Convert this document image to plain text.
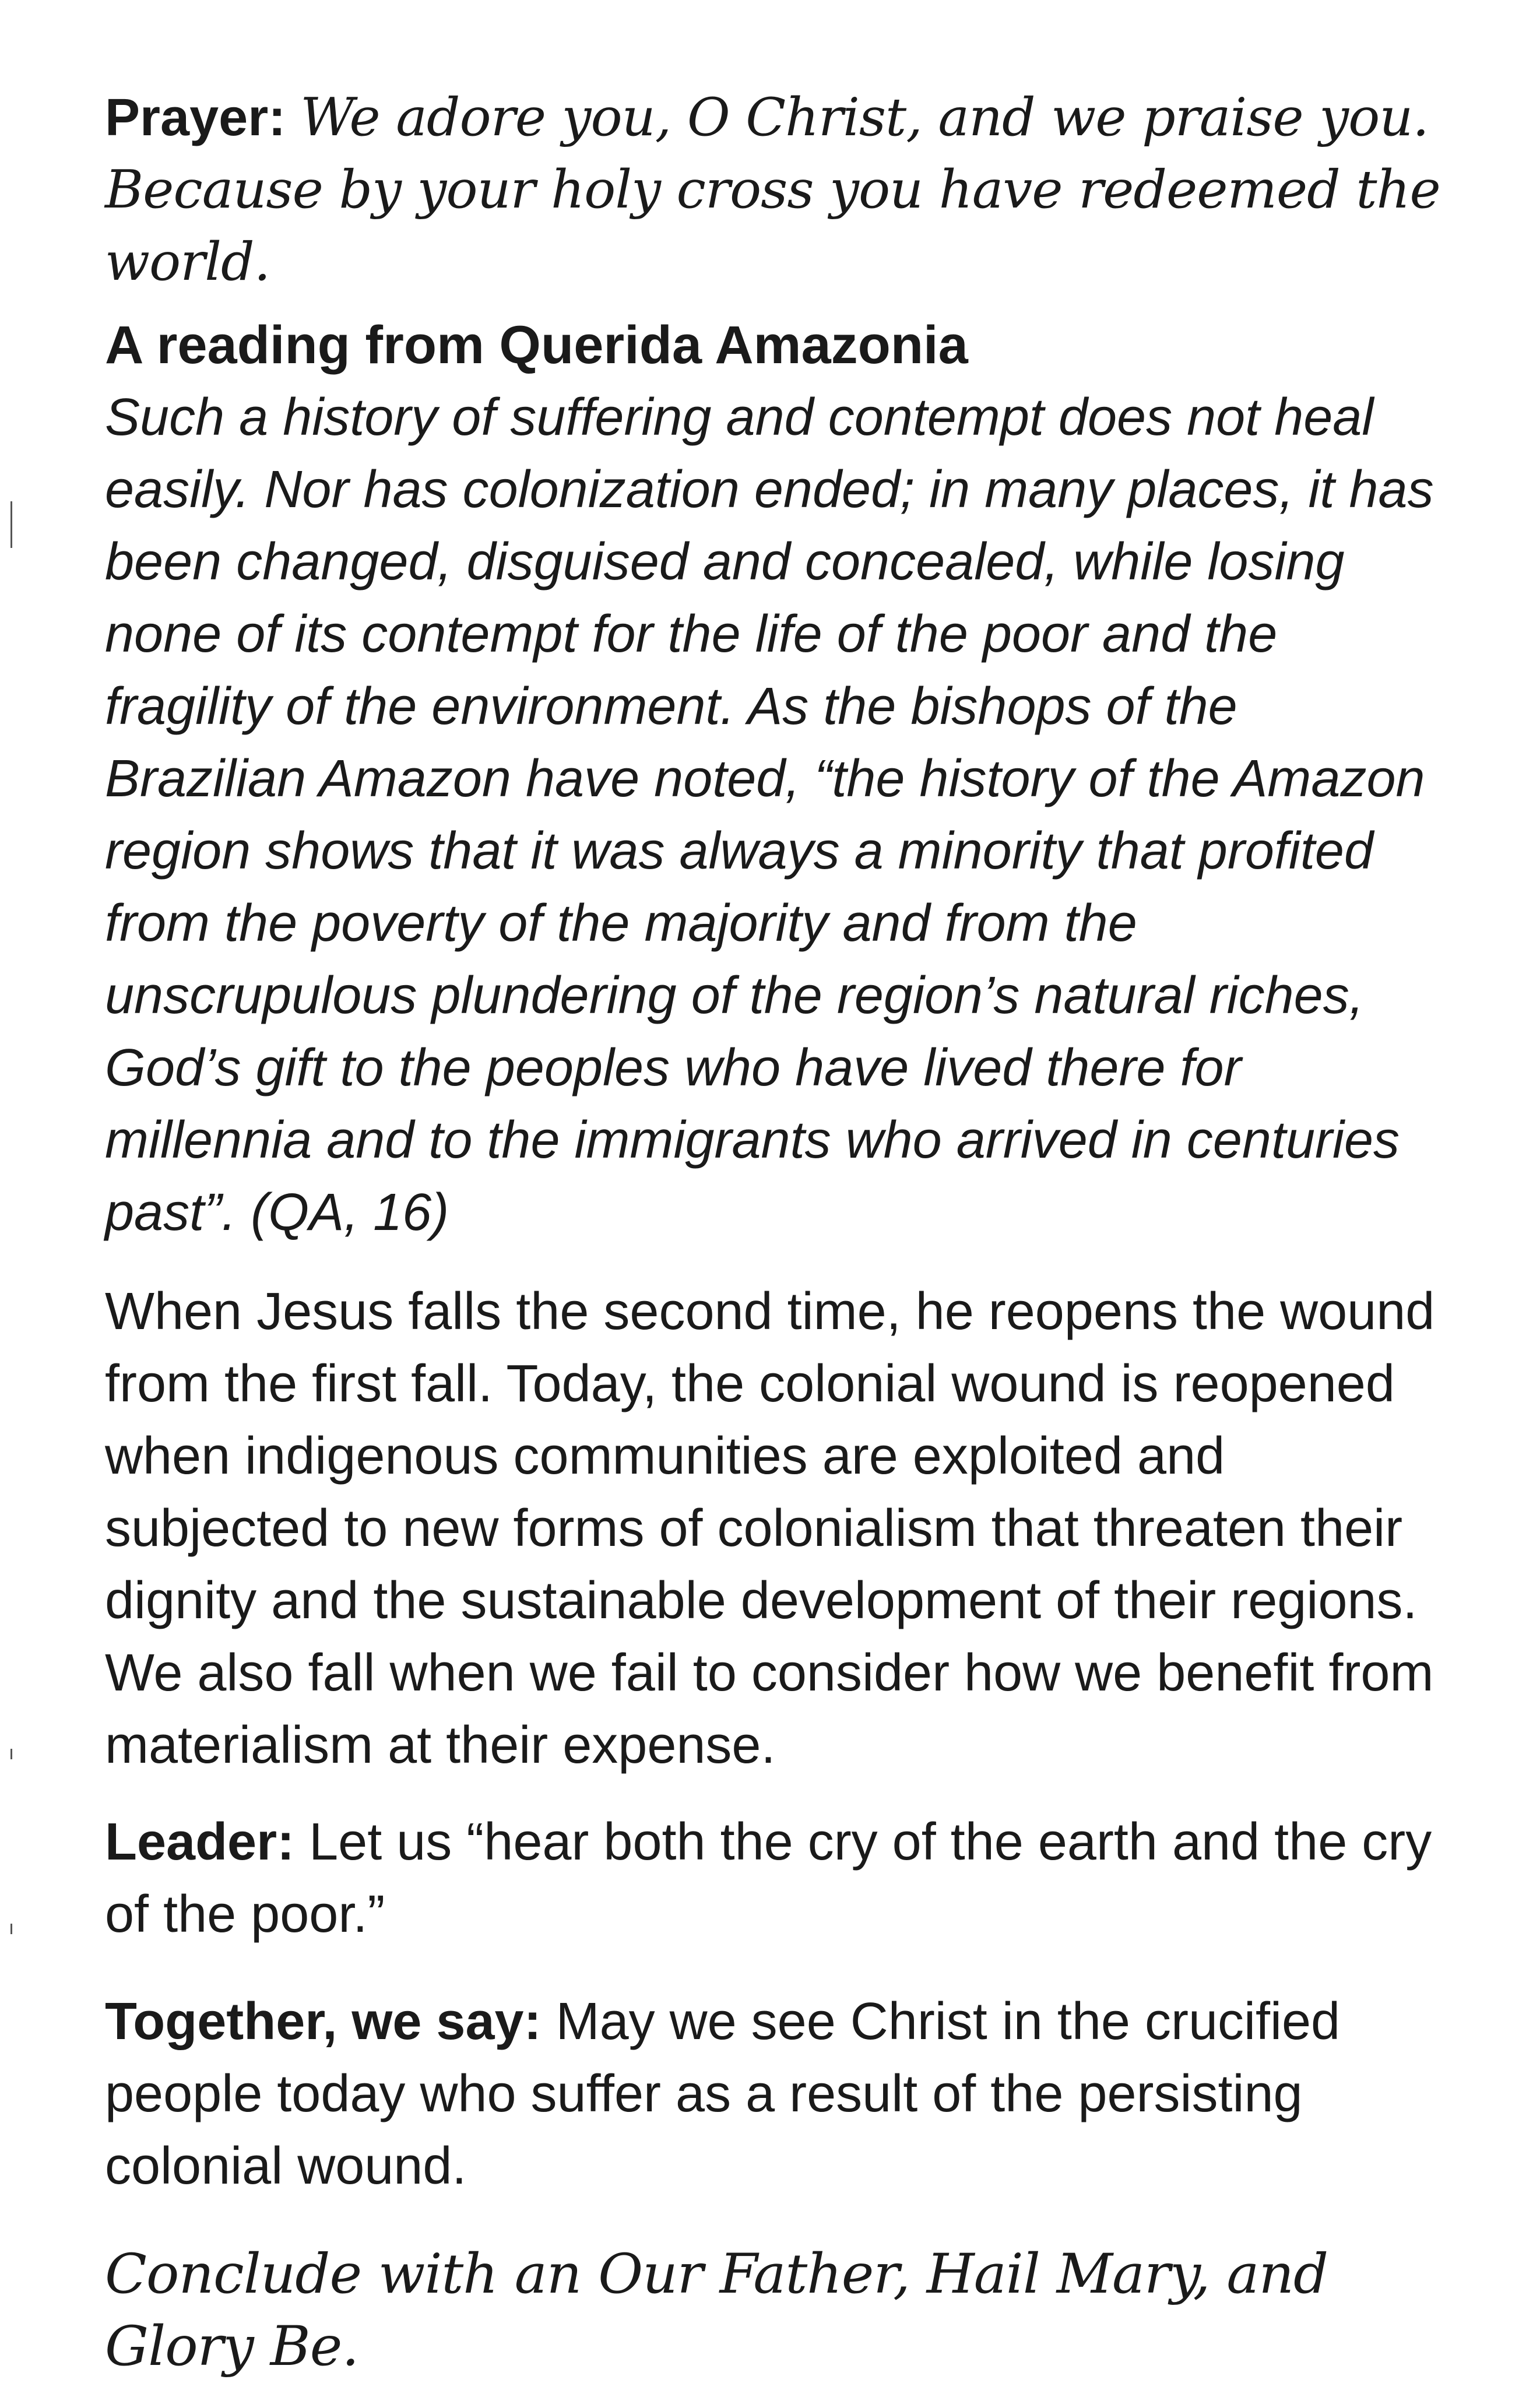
Prayer: We adore you, O Christ, and we praise you. Because by your holy cross you have redeemed the world.

A reading from Querida Amazonia

Such a history of suffering and contempt does not heal easily. Nor has colonization ended; in many places, it has been changed, disguised and concealed, while losing none of its contempt for the life of the poor and the fragility of the environment. As the bishops of the Brazilian Amazon have noted, “the history of the Amazon region shows that it was always a minority that profited from the poverty of the majority and from the unscrupulous plundering of the region’s natural riches, God’s gift to the peoples who have lived there for millennia and to the immigrants who arrived in centuries past”. (QA, 16)

When Jesus falls the second time, he reopens the wound from the first fall. Today, the colonial wound is reopened when indigenous communities are exploited and subjected to new forms of colonialism that threaten their dignity and the sustainable development of their regions. We also fall when we fail to consider how we benefit from materialism at their expense.

Leader: Let us “hear both the cry of the earth and the cry of the poor.”

Together, we say: May we see Christ in the crucified people today who suffer as a result of the persisting colonial wound.

Conclude with an Our Father, Hail Mary, and Glory Be.
